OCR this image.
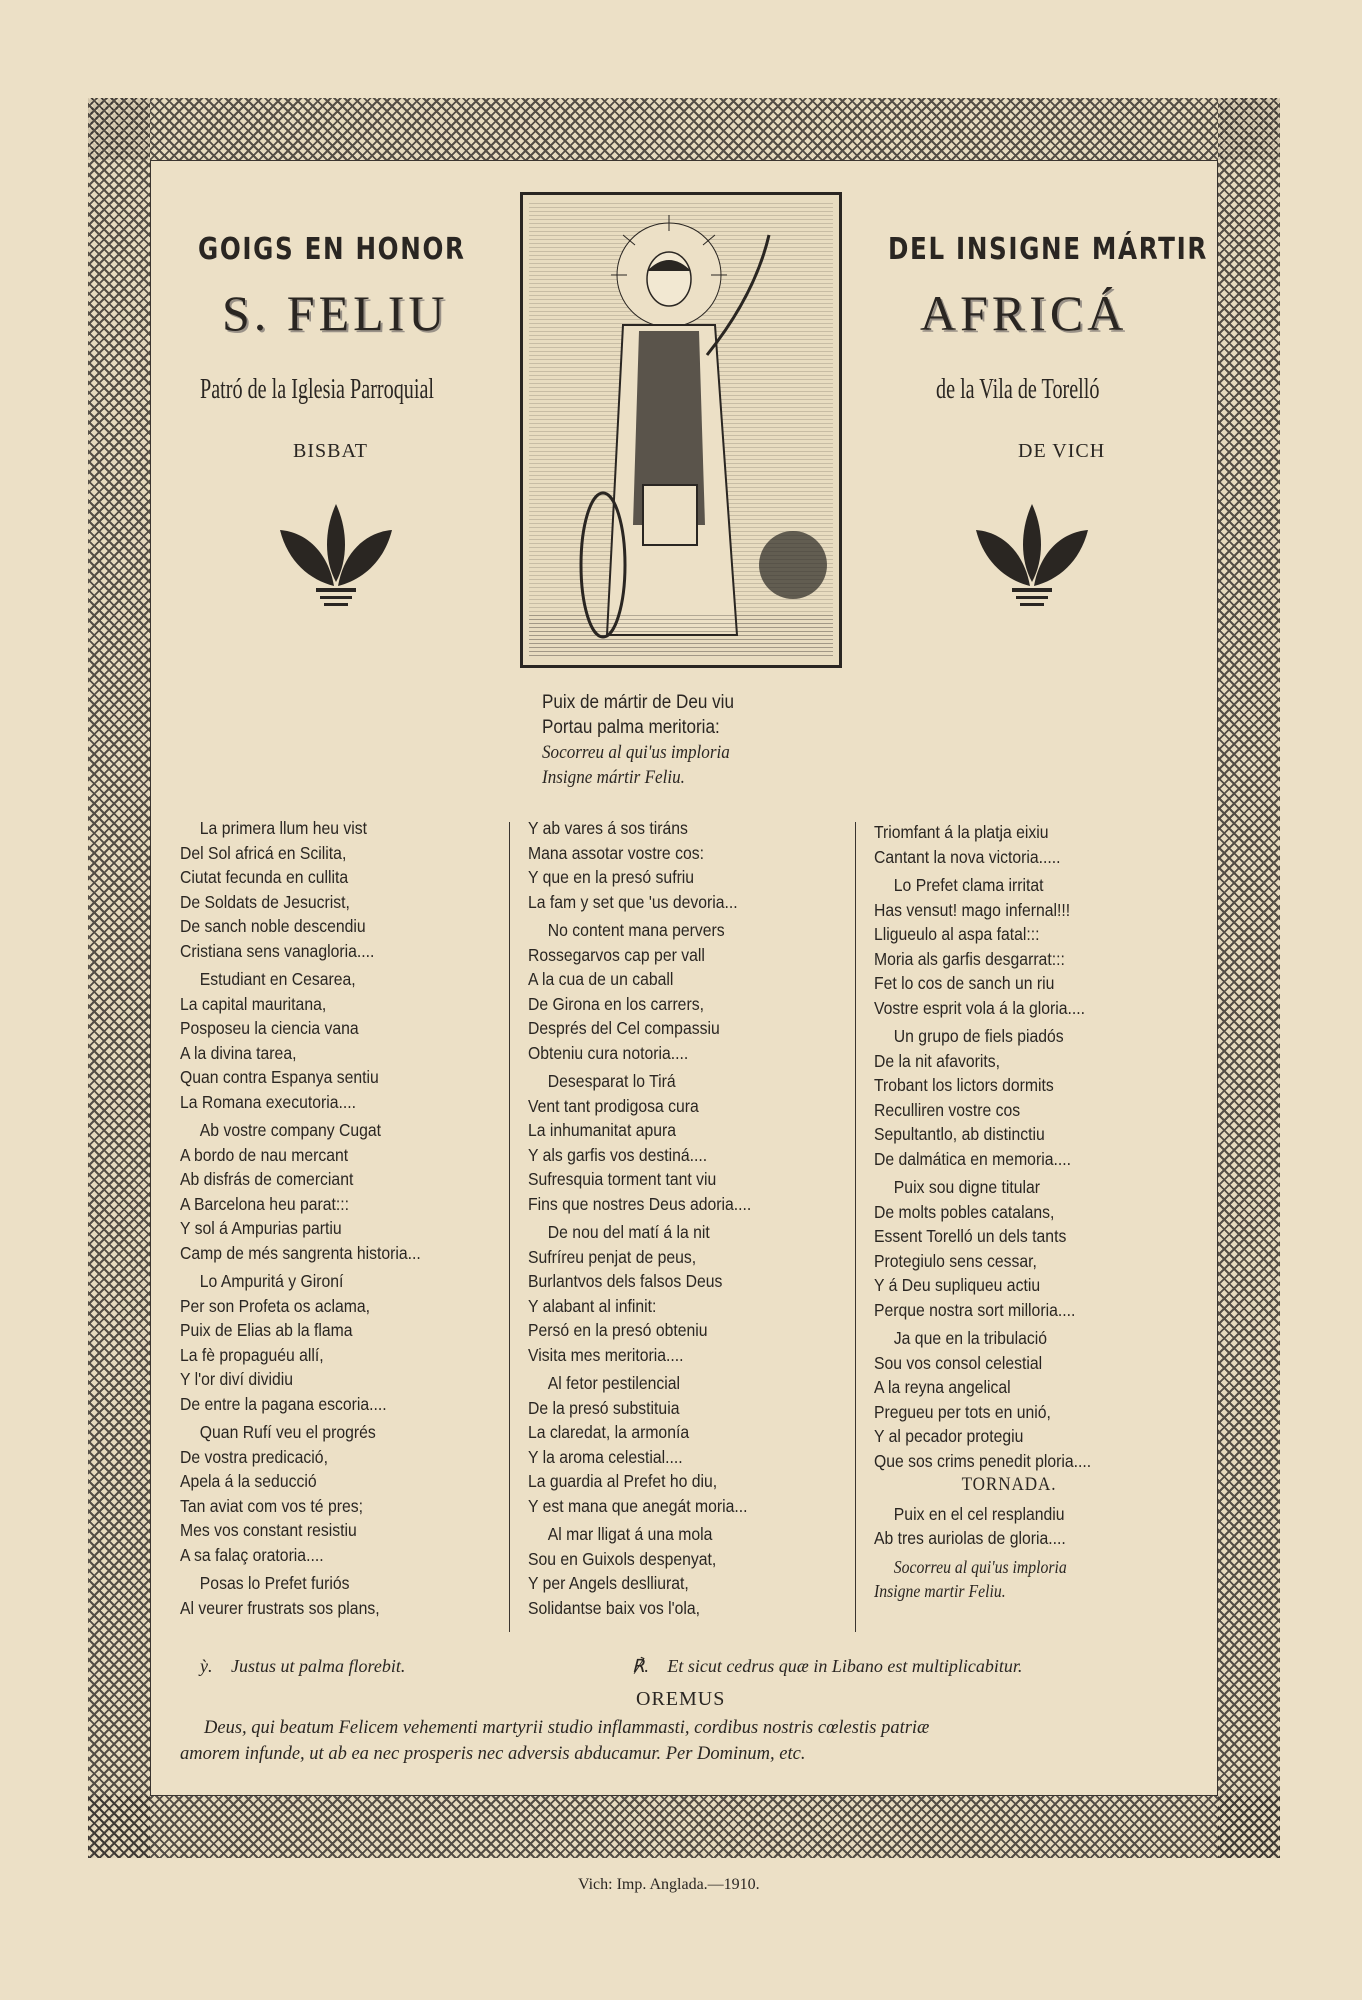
GOIGS EN HONOR

S. FELIU

Patró de la Iglesia Parroquial

BISBAT

DEL INSIGNE MÁRTIR

AFRICÁ

de la Vila de Torelló

DE VICH

Puix de mártir de Deu viu

Portau palma meritoria:

Socorreu al qui'us imploria

Insigne mártir Feliu.

La primera llum heu vist

Del Sol africá en Scilita,

Ciutat fecunda en cullita

De Soldats de Jesucrist,

De sanch noble descendiu

Cristiana sens vanagloria....

Estudiant en Cesarea,

La capital mauritana,

Posposeu la ciencia vana

A la divina tarea,

Quan contra Espanya sentiu

La Romana executoria....

Ab vostre company Cugat

A bordo de nau mercant

Ab disfrás de comerciant

A Barcelona heu parat:::

Y sol á Ampurias partiu

Camp de més sangrenta historia...

Lo Ampuritá y Gironí

Per son Profeta os aclama,

Puix de Elias ab la flama

La fè propaguéu allí,

Y l'or diví dividiu

De entre la pagana escoria....

Quan Rufí veu el progrés

De vostra predicació,

Apela á la seducció

Tan aviat com vos té pres;

Mes vos constant resistiu

A sa falaç oratoria....

Posas lo Prefet furiós

Al veurer frustrats sos plans,

Y ab vares á sos tiráns

Mana assotar vostre cos:

Y que en la presó sufriu

La fam y set que 'us devoria...

No content mana pervers

Rossegarvos cap per vall

A la cua de un caball

De Girona en los carrers,

Després del Cel compassiu

Obteniu cura notoria....

Desesparat lo Tirá

Vent tant prodigosa cura

La inhumanitat apura

Y als garfis vos destiná....

Sufresquia torment tant viu

Fins que nostres Deus adoria....

De nou del matí á la nit

Sufríreu penjat de peus,

Burlantvos dels falsos Deus

Y alabant al infinit:

Persó en la presó obteniu

Visita mes meritoria....

Al fetor pestilencial

De la presó substituia

La claredat, la armonía

Y la aroma celestial....

La guardia al Prefet ho diu,

Y est mana que anegát moria...

Al mar lligat á una mola

Sou en Guixols despenyat,

Y per Angels deslliurat,

Solidantse baix vos l'ola,

Triomfant á la platja eixiu

Cantant la nova victoria.....

Lo Prefet clama irritat

Has vensut! mago infernal!!!

Lligueulo al aspa fatal:::

Moria als garfis desgarrat:::

Fet lo cos de sanch un riu

Vostre esprit vola á la gloria....

Un grupo de fiels piadós

De la nit afavorits,

Trobant los lictors dormits

Reculliren vostre cos

Sepultantlo, ab distinctiu

De dalmática en memoria....

Puix sou digne titular

De molts pobles catalans,

Essent Torelló un dels tants

Protegiulo sens cessar,

Y á Deu supliqueu actiu

Perque nostra sort milloria....

Ja que en la tribulació

Sou vos consol celestial

A la reyna angelical

Pregueu per tots en unió,

Y al pecador protegiu

Que sos crims penedit ploria....

TORNADA.

Puix en el cel resplandiu

Ab tres auriolas de gloria....

Socorreu al qui'us imploria

Insigne martir Feliu.

ỳ. Justus ut palma florebit.	℟. Et sicut cedrus quæ in Libano est multiplicabitur.

OREMUS

Deus, qui beatum Felicem vehementi martyrii studio inflammasti, cordibus nostris cœlestis patriæ

amorem infunde, ut ab ea nec prosperis nec adversis abducamur. Per Dominum, etc.

Vich: Imp. Anglada.—1910.
